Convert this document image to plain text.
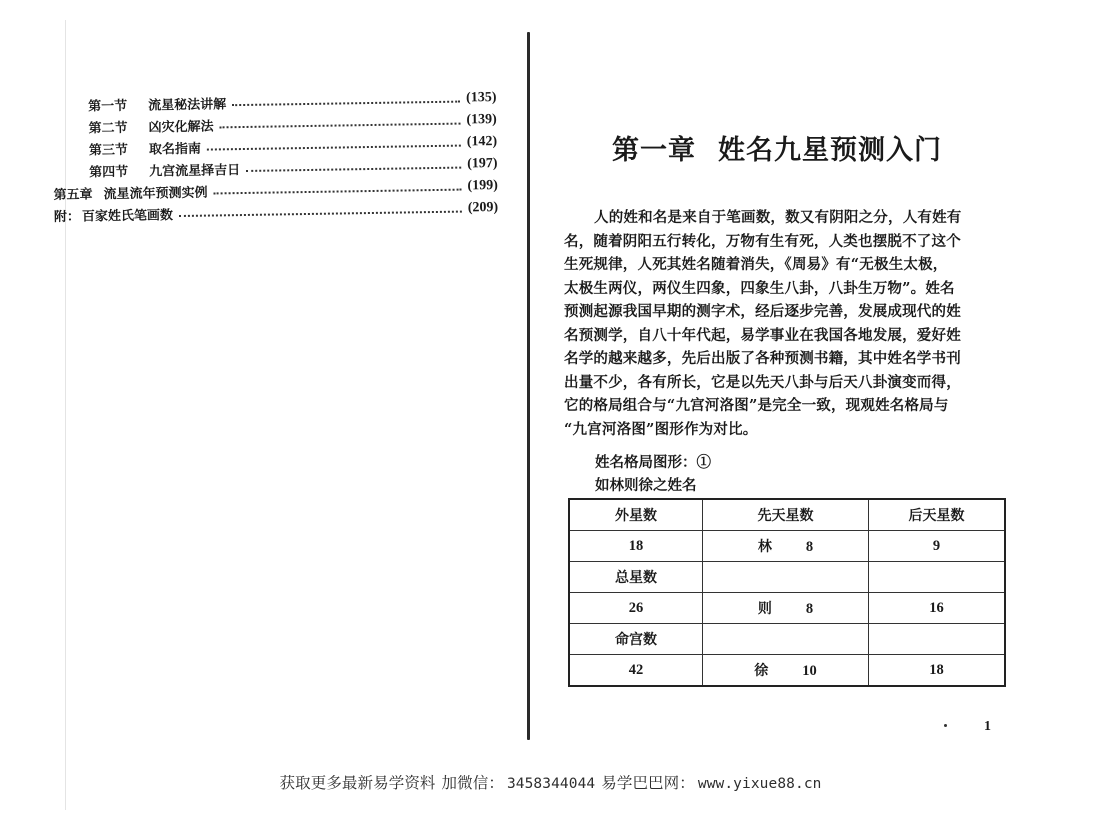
第一节	流星秘法讲解	(135)
第二节	凶灾化解法	(139)
第三节	取名指南	(142)
第四节	九宫流星择吉日	(197)
第五章 流星流年预测实例	(199)
附： 百家姓氏笔画数	(209)
第一章 姓名九星预测入门
人的姓和名是来自于笔画数，数又有阴阳之分，人有姓有
名，随着阴阳五行转化，万物有生有死，人类也摆脱不了这个
生死规律，人死其姓名随着消失，《周易》有“无极生太极，
太极生两仪，两仪生四象，四象生八卦，八卦生万物”。姓名
预测起源我国早期的测字术，经后逐步完善，发展成现代的姓
名预测学，自八十年代起，易学事业在我国各地发展，爱好姓
名学的越来越多，先后出版了各种预测书籍，其中姓名学书刊
出量不少，各有所长，它是以先天八卦与后天八卦演变而得，
它的格局组合与“九宫河洛图”是完全一致，现观姓名格局与
“九宫河洛图”图形作为对比。
姓名格局图形：①
如林则徐之姓名
外星数	先天星数	后天星数
18	林 8	9
总星数		
26	则 8	16
命宫数		
42	徐 10	18
1
获取更多最新易学资料 加微信： 3458344044 易学巴巴网： www.yixue88.cn
